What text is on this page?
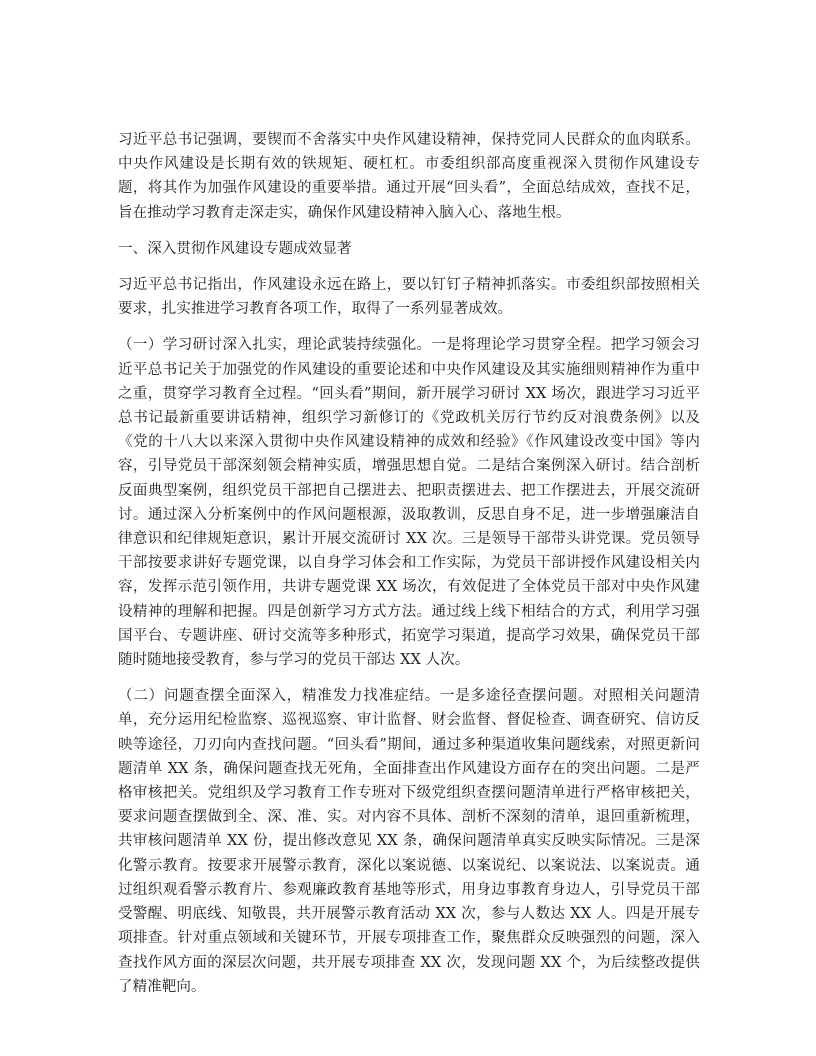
习近平总书记强调，要锲而不舍落实中央作风建设精神，保持党同人民群众的血肉联系。中央作风建设是长期有效的铁规矩、硬杠杠。市委组织部高度重视深入贯彻作风建设专题，将其作为加强作风建设的重要举措。通过开展“回头看”，全面总结成效，查找不足，旨在推动学习教育走深走实，确保作风建设精神入脑入心、落地生根。

一、深入贯彻作风建设专题成效显著

习近平总书记指出，作风建设永远在路上，要以钉钉子精神抓落实。市委组织部按照相关要求，扎实推进学习教育各项工作，取得了一系列显著成效。

（一）学习研讨深入扎实，理论武装持续强化。一是将理论学习贯穿全程。把学习领会习近平总书记关于加强党的作风建设的重要论述和中央作风建设及其实施细则精神作为重中之重，贯穿学习教育全过程。“回头看”期间，新开展学习研讨 XX 场次，跟进学习习近平总书记最新重要讲话精神，组织学习新修订的《党政机关厉行节约反对浪费条例》以及《党的十八大以来深入贯彻中央作风建设精神的成效和经验》《作风建设改变中国》等内容，引导党员干部深刻领会精神实质，增强思想自觉。二是结合案例深入研讨。结合剖析反面典型案例，组织党员干部把自己摆进去、把职责摆进去、把工作摆进去，开展交流研讨。通过深入分析案例中的作风问题根源，汲取教训，反思自身不足，进一步增强廉洁自律意识和纪律规矩意识，累计开展交流研讨 XX 次。三是领导干部带头讲党课。党员领导干部按要求讲好专题党课，以自身学习体会和工作实际，为党员干部讲授作风建设相关内容，发挥示范引领作用，共讲专题党课 XX 场次，有效促进了全体党员干部对中央作风建设精神的理解和把握。四是创新学习方式方法。通过线上线下相结合的方式，利用学习强国平台、专题讲座、研讨交流等多种形式，拓宽学习渠道，提高学习效果，确保党员干部随时随地接受教育，参与学习的党员干部达 XX 人次。

（二）问题查摆全面深入，精准发力找准症结。一是多途径查摆问题。对照相关问题清单，充分运用纪检监察、巡视巡察、审计监督、财会监督、督促检查、调查研究、信访反映等途径，刀刃向内查找问题。“回头看”期间，通过多种渠道收集问题线索，对照更新问题清单 XX 条，确保问题查找无死角，全面排查出作风建设方面存在的突出问题。二是严格审核把关。党组织及学习教育工作专班对下级党组织查摆问题清单进行严格审核把关，要求问题查摆做到全、深、准、实。对内容不具体、剖析不深刻的清单，退回重新梳理，共审核问题清单 XX 份，提出修改意见 XX 条，确保问题清单真实反映实际情况。三是深化警示教育。按要求开展警示教育，深化以案说德、以案说纪、以案说法、以案说责。通过组织观看警示教育片、参观廉政教育基地等形式，用身边事教育身边人，引导党员干部受警醒、明底线、知敬畏，共开展警示教育活动 XX 次，参与人数达 XX 人。四是开展专项排查。针对重点领域和关键环节，开展专项排查工作，聚焦群众反映强烈的问题，深入查找作风方面的深层次问题，共开展专项排查 XX 次，发现问题 XX 个，为后续整改提供了精准靶向。
